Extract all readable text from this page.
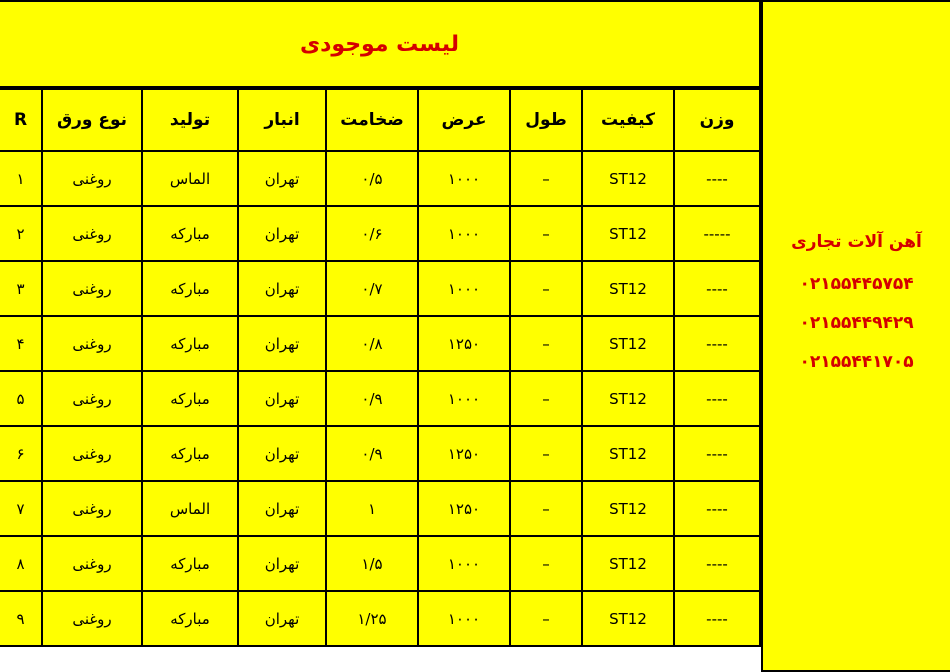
لیست موجودی
وزن	کیفیت	طول	عرض	ضخامت	انبار	تولید	نوع ورق	R
----	ST12	–	۱۰۰۰	۰/۵	تهران	الماس	روغنی	۱
-----	ST12	–	۱۰۰۰	۰/۶	تهران	مبارکه	روغنی	۲
----	ST12	–	۱۰۰۰	۰/۷	تهران	مبارکه	روغنی	۳
----	ST12	–	۱۲۵۰	۰/۸	تهران	مبارکه	روغنی	۴
----	ST12	–	۱۰۰۰	۰/۹	تهران	مبارکه	روغنی	۵
----	ST12	–	۱۲۵۰	۰/۹	تهران	مبارکه	روغنی	۶
----	ST12	–	۱۲۵۰	۱	تهران	الماس	روغنی	۷
----	ST12	–	۱۰۰۰	۱/۵	تهران	مبارکه	روغنی	۸
----	ST12	–	۱۰۰۰	۱/۲۵	تهران	مبارکه	روغنی	۹
آهن آلات تجاری
۰۲۱۵۵۴۴۵۷۵۴
۰۲۱۵۵۴۴۹۴۲۹
۰۲۱۵۵۴۴۱۷۰۵
